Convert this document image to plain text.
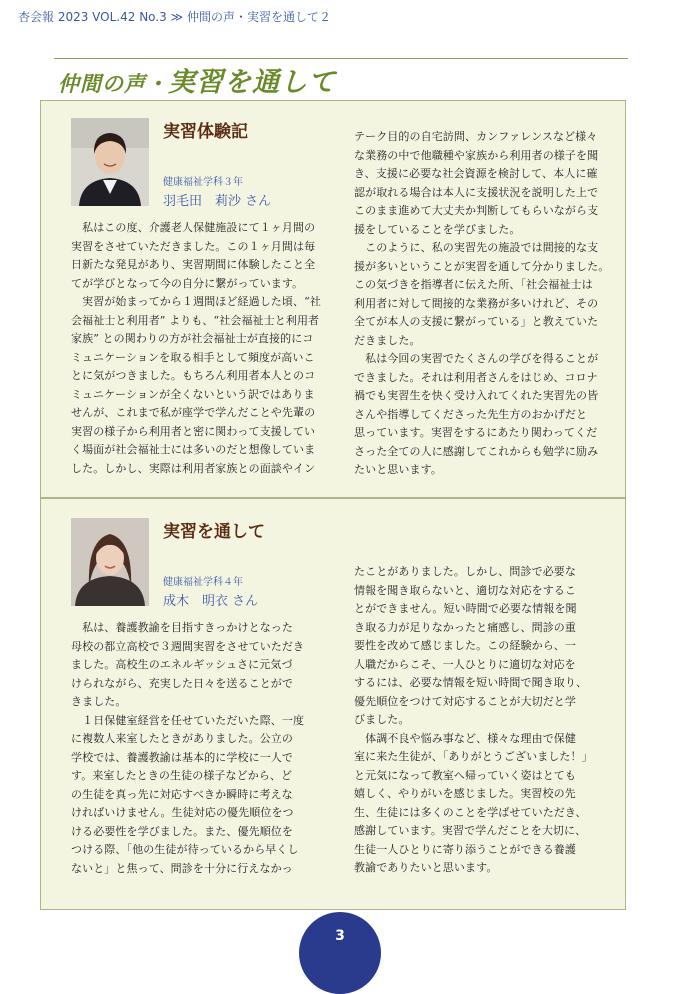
杏会報 2023 VOL.42 No.3 ≫ 仲間の声・実習を通して２
仲間の声・実習を通して
実習体験記
健康福祉学科３年
羽毛田　莉沙 さん
　私はこの度、介護老人保健施設にて１ヶ月間の
実習をさせていただきました。この１ヶ月間は毎
日新たな発見があり、実習期間に体験したこと全
てが学びとなって今の自分に繋がっています。
　実習が始まってから１週間ほど経過した頃、“社
会福祉士と利用者” よりも、“社会福祉士と利用者
家族” との関わりの方が社会福祉士が直接的にコ
ミュニケーションを取る相手として頻度が高いこ
とに気がつきました。もちろん利用者本人とのコ
ミュニケーションが全くないという訳ではありま
せんが、これまで私が座学で学んだことや先輩の
実習の様子から利用者と密に関わって支援してい
く場面が社会福祉士には多いのだと想像していま
した。しかし、実際は利用者家族との面談やイン
テーク目的の自宅訪問、カンファレンスなど様々
な業務の中で他職種や家族から利用者の様子を聞
き、支援に必要な社会資源を検討して、本人に確
認が取れる場合は本人に支援状況を説明した上で
このまま進めて大丈夫か判断してもらいながら支
援をしていることを学びました。
　このように、私の実習先の施設では間接的な支
援が多いということが実習を通して分かりました。
この気づきを指導者に伝えた所、｢社会福祉士は
利用者に対して間接的な業務が多いけれど、その
全てが本人の支援に繋がっている」と教えていた
だきました。
　私は今回の実習でたくさんの学びを得ることが
できました。それは利用者さんをはじめ、コロナ
禍でも実習生を快く受け入れてくれた実習先の皆
さんや指導してくださった先生方のおかげだと
思っています。実習をするにあたり関わってくだ
さった全ての人に感謝してこれからも勉学に励み
たいと思います。
実習を通して
健康福祉学科４年
成木　明衣 さん
　私は、養護教諭を目指すきっかけとなった
母校の都立高校で３週間実習をさせていただき
ました。高校生のエネルギッシュさに元気づ
けられながら、充実した日々を送ることがで
きました。
　１日保健室経営を任せていただいた際、一度
に複数人来室したときがありました。公立の
学校では、養護教諭は基本的に学校に一人で
す。来室したときの生徒の様子などから、ど
の生徒を真っ先に対応すべきか瞬時に考えな
ければいけません。生徒対応の優先順位をつ
ける必要性を学びました。また、優先順位を
つける際、｢他の生徒が待っているから早くし
ないと」と焦って、問診を十分に行えなかっ
たことがありました。しかし、問診で必要な
情報を聞き取らないと、適切な対応をするこ
とができません。短い時間で必要な情報を聞
き取る力が足りなかったと痛感し、問診の重
要性を改めて感じました。この経験から、一
人職だからこそ、一人ひとりに適切な対応を
するには、必要な情報を短い時間で聞き取り、
優先順位をつけて対応することが大切だと学
びました。
　体調不良や悩み事など、様々な理由で保健
室に来た生徒が、｢ありがとうございました！」
と元気になって教室へ帰っていく姿はとても
嬉しく、やりがいを感じました。実習校の先
生、生徒には多くのことを学ばせていただき、
感謝しています。実習で学んだことを大切に、
生徒一人ひとりに寄り添うことができる養護
教諭でありたいと思います。
3
